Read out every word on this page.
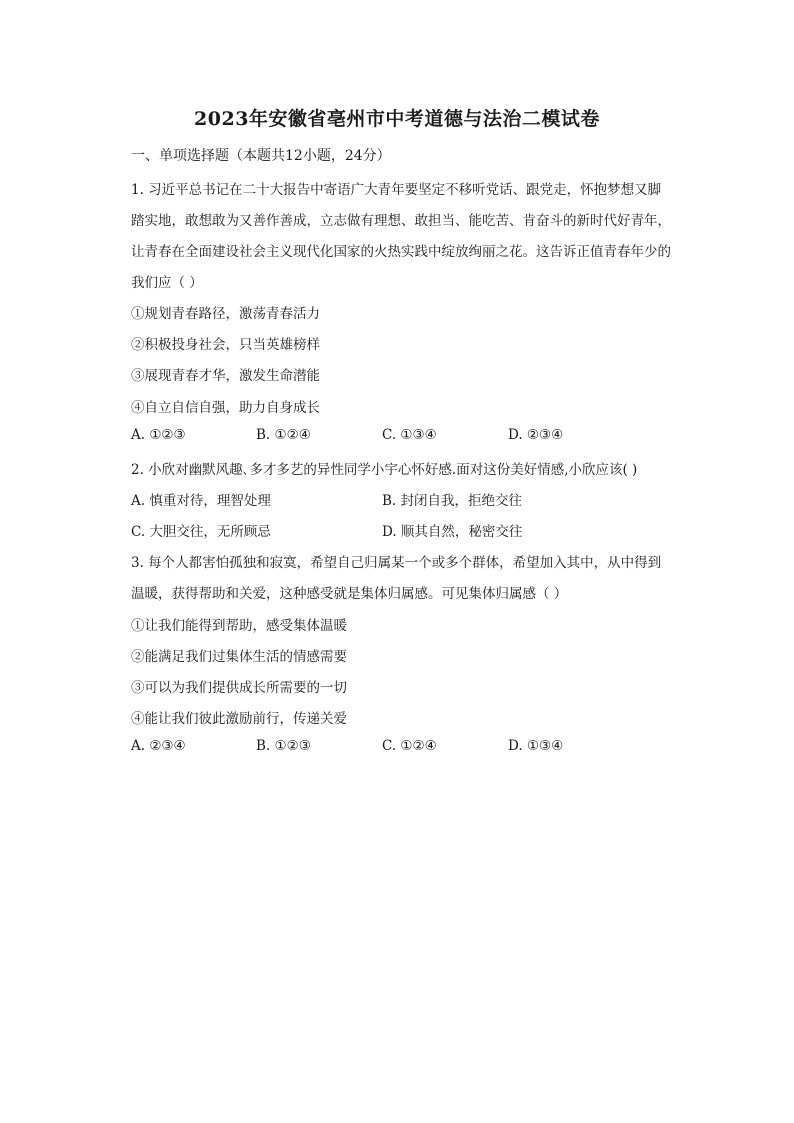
2023年安徽省亳州市中考道德与法治二模试卷
一、单项选择题（本题共12小题，24分）
1. 习近平总书记在二十大报告中寄语广大青年要坚定不移听党话、跟党走，怀抱梦想又脚
踏实地，敢想敢为又善作善成，立志做有理想、敢担当、能吃苦、肯奋斗的新时代好青年，
让青春在全面建设社会主义现代化国家的火热实践中绽放绚丽之花。这告诉正值青春年少的
我们应（ ）
①规划青春路径，激荡青春活力
②积极投身社会，只当英雄榜样
③展现青春才华，激发生命潜能
④自立自信自强，助力自身成长
A. ①②③	B. ①②④	C. ①③④	D. ②③④
2. 小欣对幽默风趣､多才多艺的异性同学小宇心怀好感.面对这份美好情感,小欣应该( )
A. 慎重对待，理智处理	B. 封闭自我，拒绝交往
C. 大胆交往，无所顾忌	D. 顺其自然，秘密交往
3. 每个人都害怕孤独和寂寞，希望自己归属某一个或多个群体，希望加入其中，从中得到
温暖，获得帮助和关爱，这种感受就是集体归属感。可见集体归属感（ ）
①让我们能得到帮助，感受集体温暖
②能满足我们过集体生活的情感需要
③可以为我们提供成长所需要的一切
④能让我们彼此激励前行，传递关爱
A. ②③④	B. ①②③	C. ①②④	D. ①③④
